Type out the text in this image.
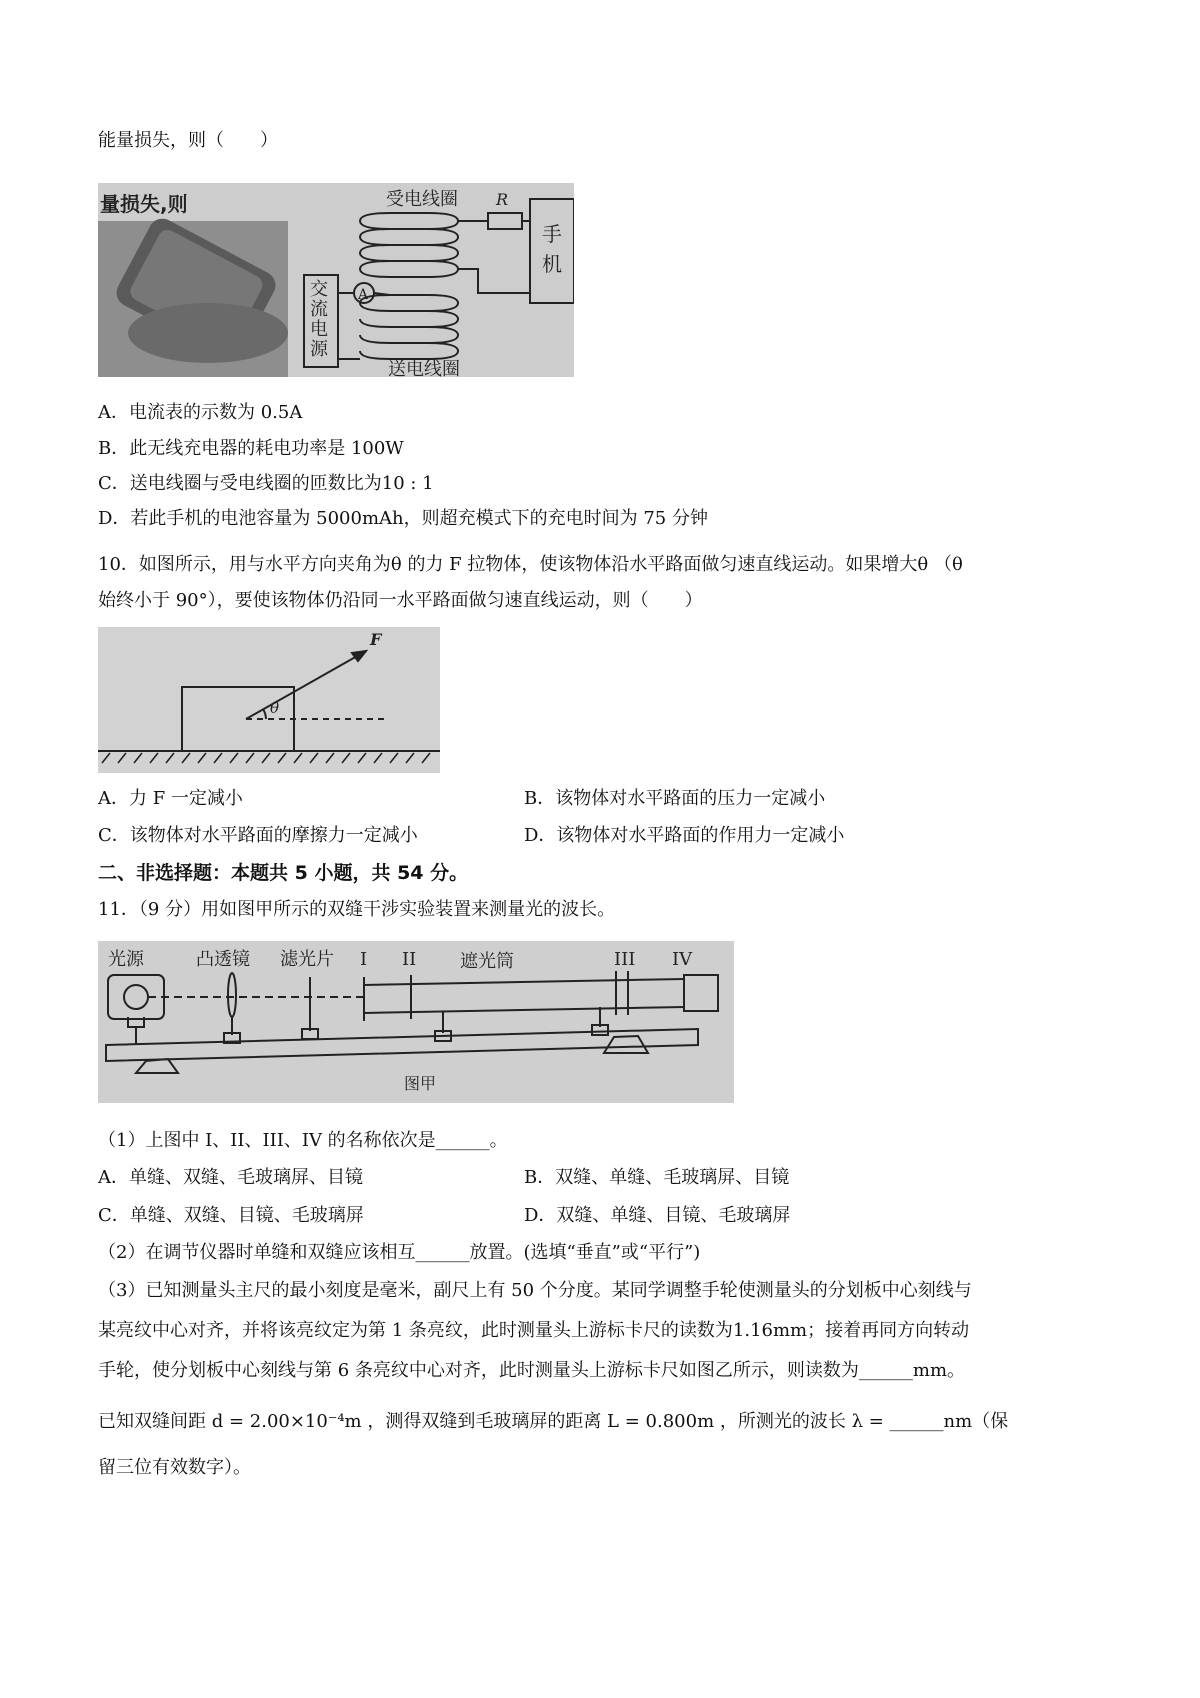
能量损失，则（　　）
量损失,则	受电线圈 R
手
机
A
交
流
电
源
送电线圈
A．电流表的示数为 0.5A
B．此无线充电器的耗电功率是 100W
C．送电线圈与受电线圈的匝数比为10 : 1
D．若此手机的电池容量为 5000mAh，则超充模式下的充电时间为 75 分钟
10．如图所示，用与水平方向夹角为θ 的力 F 拉物体，使该物体沿水平路面做匀速直线运动。如果增大θ （θ
始终小于 90°），要使该物体仍沿同一水平路面做匀速直线运动，则（　　）
F
θ
A．力 F 一定减小	B．该物体对水平路面的压力一定减小
C．该物体对水平路面的摩擦力一定减小	D．该物体对水平路面的作用力一定减小
二、非选择题：本题共 5 小题，共 54 分。
11．（9 分）用如图甲所示的双缝干涉实验装置来测量光的波长。
光源	凸透镜 滤光片 I II 遮光筒	III IV
图甲
（1）上图中 I、II、III、IV 的名称依次是______。
A．单缝、双缝、毛玻璃屏、目镜	B．双缝、单缝、毛玻璃屏、目镜
C．单缝、双缝、目镜、毛玻璃屏	D．双缝、单缝、目镜、毛玻璃屏
（2）在调节仪器时单缝和双缝应该相互______放置。(选填“垂直”或“平行”)
（3）已知测量头主尺的最小刻度是毫米，副尺上有 50 个分度。某同学调整手轮使测量头的分划板中心刻线与
某亮纹中心对齐，并将该亮纹定为第 1 条亮纹，此时测量头上游标卡尺的读数为1.16mm；接着再同方向转动
手轮，使分划板中心刻线与第 6 条亮纹中心对齐，此时测量头上游标卡尺如图乙所示，则读数为______mm。
已知双缝间距 d = 2.00×10⁻⁴m ，测得双缝到毛玻璃屏的距离 L = 0.800m ，所测光的波长 λ = ______nm（保
留三位有效数字）。
